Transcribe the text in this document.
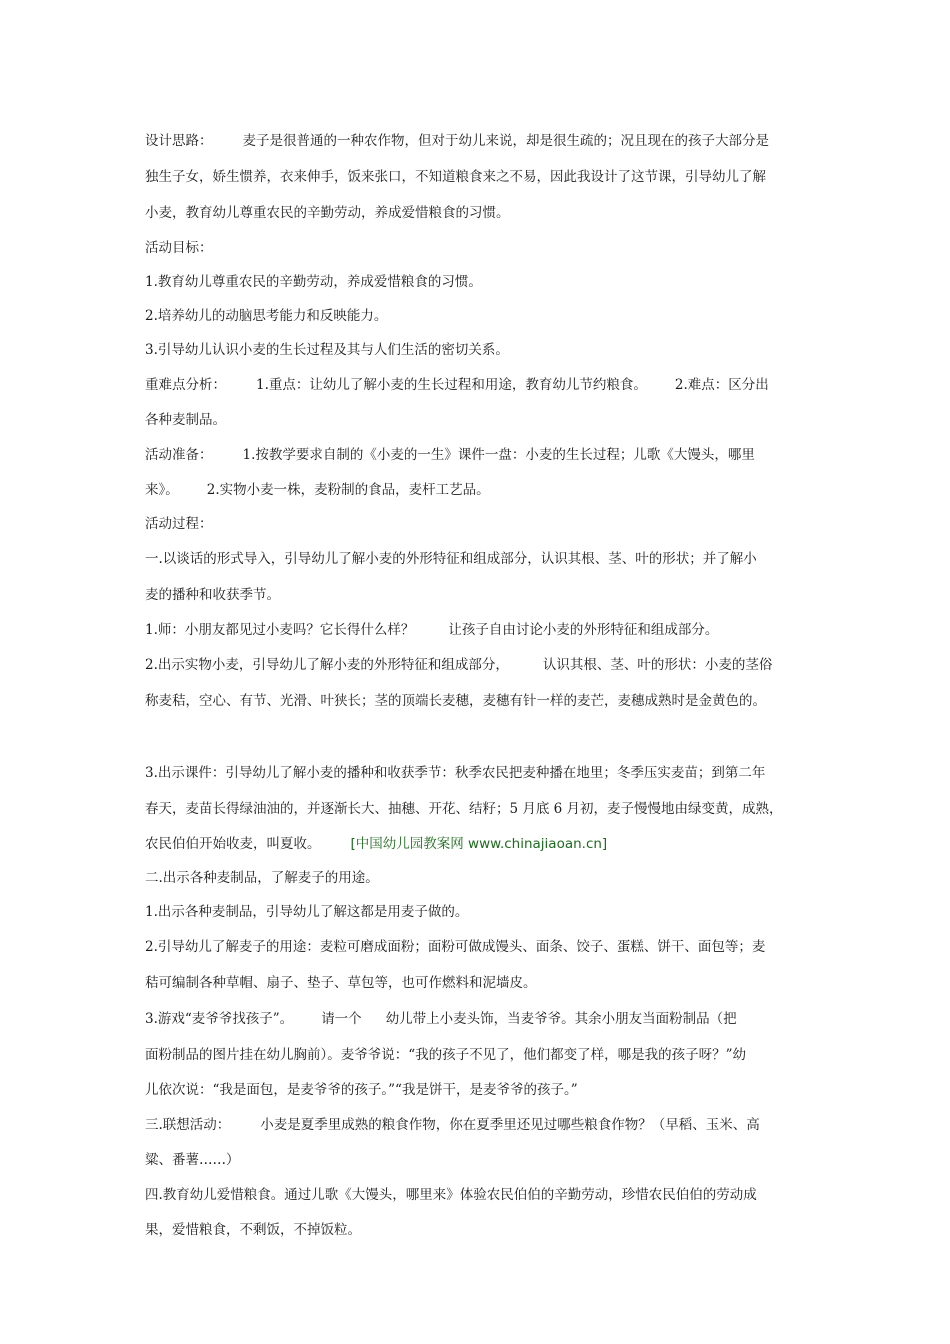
设计思路： 麦子是很普通的一种农作物，但对于幼儿来说，却是很生疏的；况且现在的孩子大部分是
独生子女，娇生惯养，衣来伸手，饭来张口，不知道粮食来之不易，因此我设计了这节课，引导幼儿了解
小麦，教育幼儿尊重农民的辛勤劳动，养成爱惜粮食的习惯。
活动目标：
1.教育幼儿尊重农民的辛勤劳动，养成爱惜粮食的习惯。
2.培养幼儿的动脑思考能力和反映能力。
3.引导幼儿认识小麦的生长过程及其与人们生活的密切关系。
重难点分析： 1.重点：让幼儿了解小麦的生长过程和用途，教育幼儿节约粮食。 2.难点：区分出
各种麦制品。
活动准备： 1.按教学要求自制的《小麦的一生》课件一盘：小麦的生长过程；儿歌《大馒头，哪里
来》。 2.实物小麦一株，麦粉制的食品，麦杆工艺品。
活动过程：
一.以谈话的形式导入，引导幼儿了解小麦的外形特征和组成部分，认识其根、茎、叶的形状；并了解小
麦的播种和收获季节。
1.师：小朋友都见过小麦吗？它长得什么样？	让孩子自由讨论小麦的外形特征和组成部分。
2.出示实物小麦，引导幼儿了解小麦的外形特征和组成部分，	认识其根、茎、叶的形状：小麦的茎俗
称麦秸，空心、有节、光滑、叶狭长；茎的顶端长麦穗，麦穗有针一样的麦芒，麦穗成熟时是金黄色的。
3.出示课件：引导幼儿了解小麦的播种和收获季节：秋季农民把麦种播在地里；冬季压实麦苗；到第二年
春天，麦苗长得绿油油的，并逐渐长大、抽穗、开花、结籽；5 月底 6 月初，麦子慢慢地由绿变黄，成熟，
农民伯伯开始收麦，叫夏收。 [中国幼儿园教案网 www.chinajiaoan.cn]
二.出示各种麦制品，了解麦子的用途。
1.出示各种麦制品，引导幼儿了解这都是用麦子做的。
2.引导幼儿了解麦子的用途：麦粒可磨成面粉；面粉可做成馒头、面条、饺子、蛋糕、饼干、面包等；麦
秸可编制各种草帽、扇子、垫子、草包等，也可作燃料和泥墙皮。
3.游戏“麦爷爷找孩子”。 请一个 幼儿带上小麦头饰，当麦爷爷。其余小朋友当面粉制品（把
面粉制品的图片挂在幼儿胸前）。麦爷爷说：“我的孩子不见了，他们都变了样，哪是我的孩子呀？”幼
儿依次说：“我是面包，是麦爷爷的孩子。”“我是饼干，是麦爷爷的孩子。”
三.联想活动： 小麦是夏季里成熟的粮食作物，你在夏季里还见过哪些粮食作物？（早稻、玉米、高
粱、番薯……）
四.教育幼儿爱惜粮食。通过儿歌《大馒头，哪里来》体验农民伯伯的辛勤劳动，珍惜农民伯伯的劳动成
果，爱惜粮食，不剩饭，不掉饭粒。
